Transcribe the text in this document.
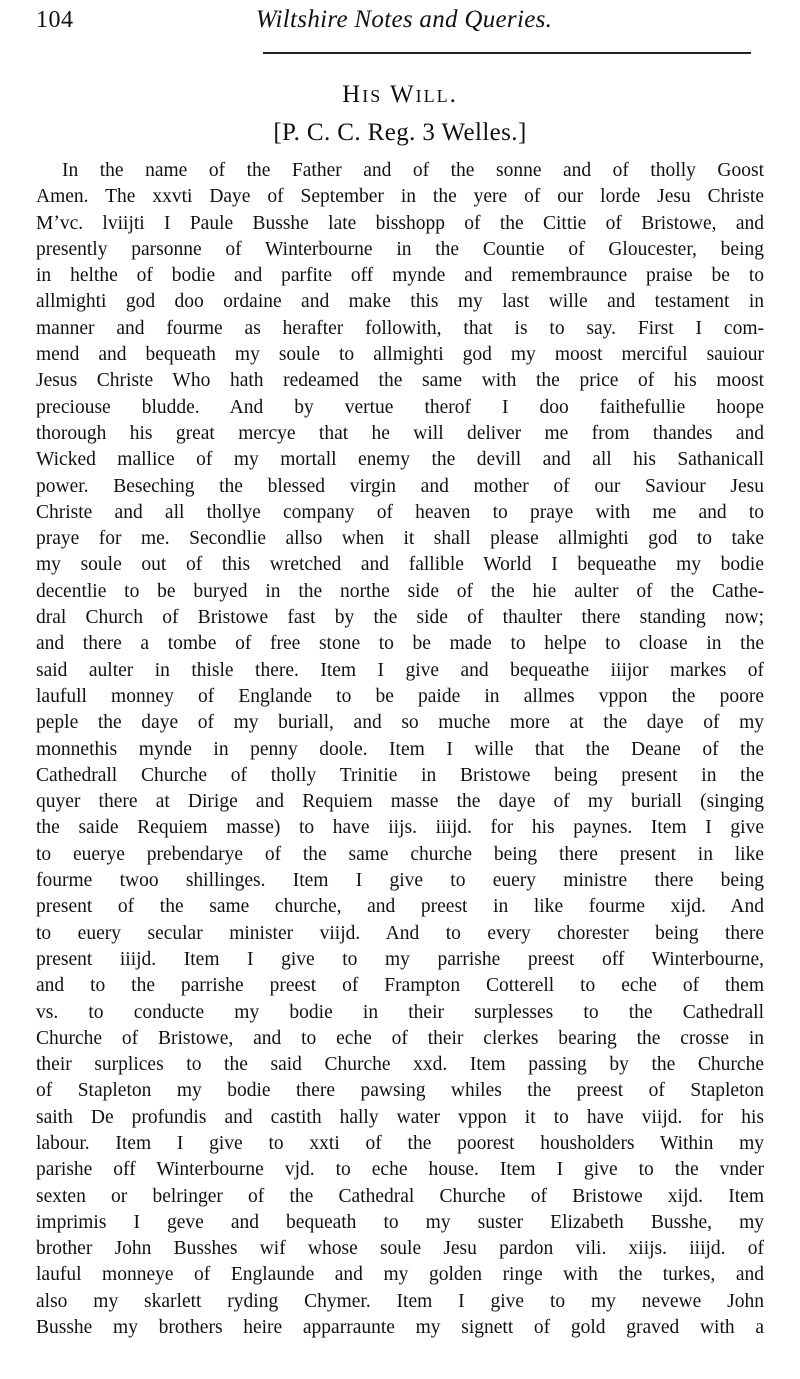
104	Wiltshire Notes and Queries.
His Will.
[P. C. C. Reg. 3 Welles.]
In the name of the Father and of the sonne and of tholly Goost
Amen. The xxvti Daye of September in the yere of our lorde Jesu Christe
Mʼvc. lviijti I Paule Busshe late bisshopp of the Cittie of Bristowe, and
presently parsonne of Winterbourne in the Countie of Gloucester, being
in helthe of bodie and parfite off mynde and remembraunce praise be to
allmighti god doo ordaine and make this my last wille and testament in
manner and fourme as herafter followith, that is to say. First I com-
mend and bequeath my soule to allmighti god my moost merciful sauiour
Jesus Christe Who hath redeamed the same with the price of his moost
preciouse bludde. And by vertue therof I doo faithefullie hoope
thorough his great mercye that he will deliver me from thandes and
Wicked mallice of my mortall enemy the devill and all his Sathanicall
power. Beseching the blessed virgin and mother of our Saviour Jesu
Christe and all thollye company of heaven to praye with me and to
praye for me. Secondlie allso when it shall please allmighti god to take
my soule out of this wretched and fallible World I bequeathe my bodie
decentlie to be buryed in the northe side of the hie aulter of the Cathe-
dral Church of Bristowe fast by the side of thaulter there standing now;
and there a tombe of free stone to be made to helpe to cloase in the
said aulter in thisle there. Item I give and bequeathe iiijor markes of
laufull monney of Englande to be paide in allmes vppon the poore
peple the daye of my buriall, and so muche more at the daye of my
monnethis mynde in penny doole. Item I wille that the Deane of the
Cathedrall Churche of tholly Trinitie in Bristowe being present in the
quyer there at Dirige and Requiem masse the daye of my buriall (singing
the saide Requiem masse) to have iijs. iiijd. for his paynes. Item I give
to euerye prebendarye of the same churche being there present in like
fourme twoo shillinges. Item I give to euery ministre there being
present of the same churche, and preest in like fourme xijd. And
to euery secular minister viijd. And to every chorester being there
present iiijd. Item I give to my parrishe preest off Winterbourne,
and to the parrishe preest of Frampton Cotterell to eche of them
vs. to conducte my bodie in their surplesses to the Cathedrall
Churche of Bristowe, and to eche of their clerkes bearing the crosse in
their surplices to the said Churche xxd. Item passing by the Churche
of Stapleton my bodie there pawsing whiles the preest of Stapleton
saith De profundis and castith hally water vppon it to have viijd. for his
labour. Item I give to xxti of the poorest housholders Within my
parishe off Winterbourne vjd. to eche house. Item I give to the vnder
sexten or belringer of the Cathedral Churche of Bristowe xijd. Item
imprimis I geve and bequeath to my suster Elizabeth Busshe, my
brother John Busshes wif whose soule Jesu pardon vili. xiijs. iiijd. of
lauful monneye of Englaunde and my golden ringe with the turkes, and
also my skarlett ryding Chymer. Item I give to my nevewe John
Busshe my brothers heire apparraunte my signett of gold graved with a
